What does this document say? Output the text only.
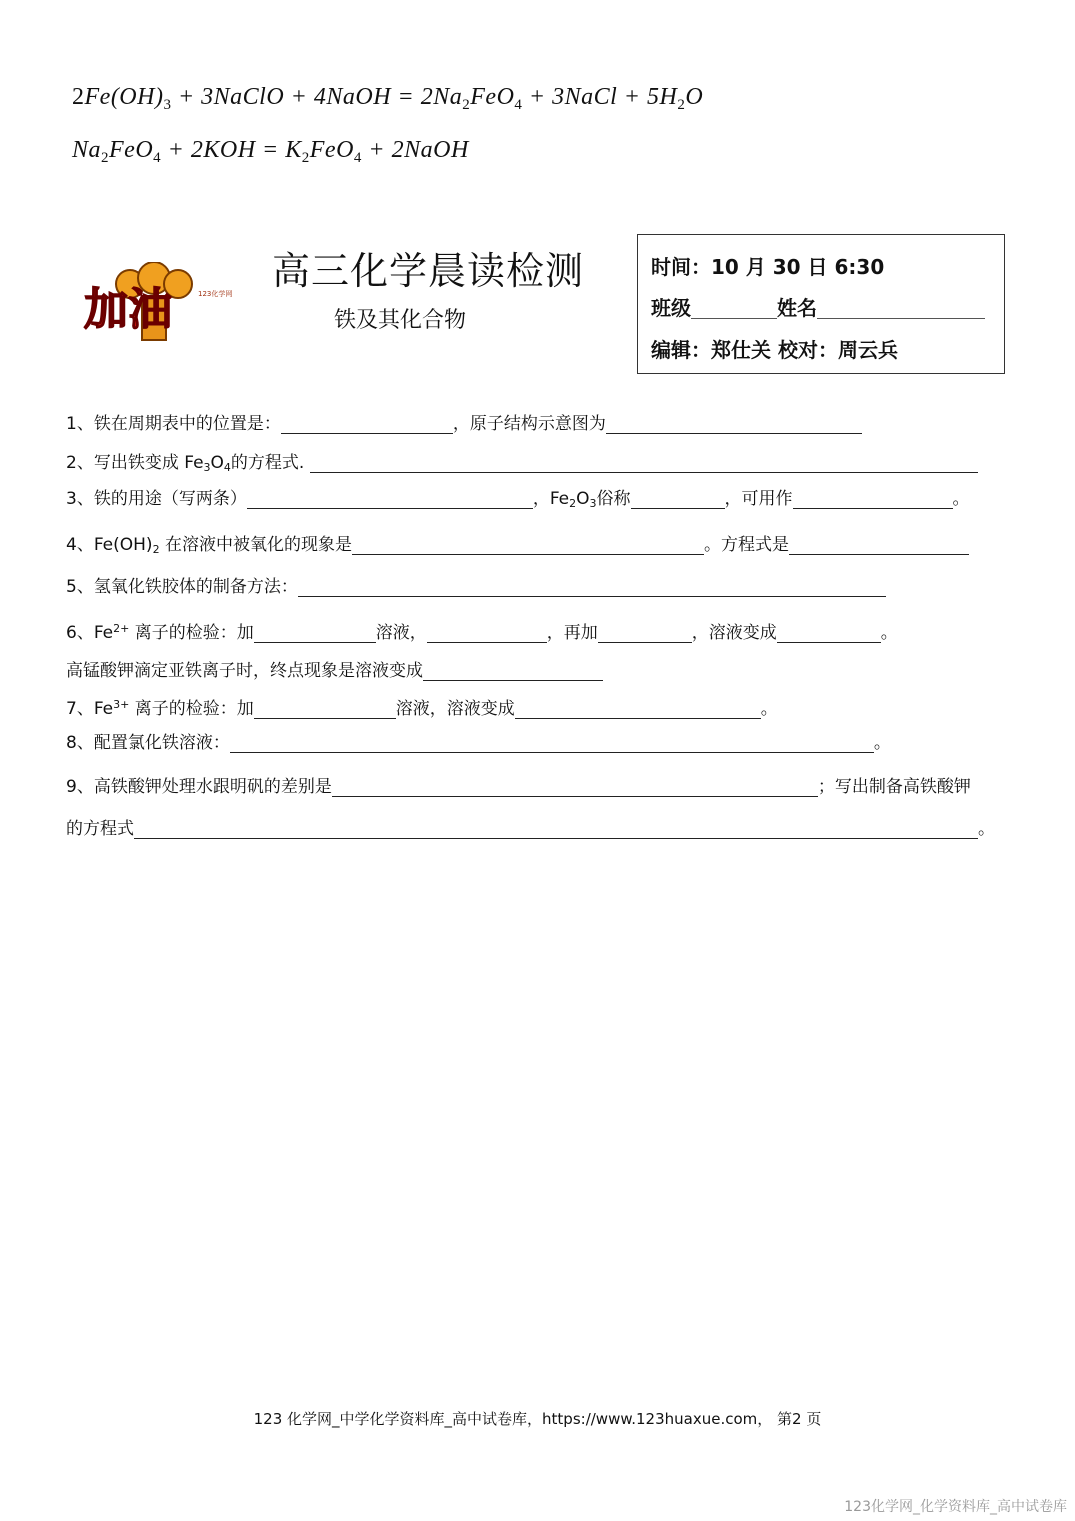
$2Fe(OH)_3$ + 3NaClO + 4NaOH = $2Na_2FeO_4$ + 3NaCl + $5H_2O$
$Na_2FeO_4 + 2KOH = K_2FeO_4$ + 2NaOH
加油	123化学网
高三化学晨读检测
铁及其化合物
时间：10 月 30 日 6:30
班级	姓名
编辑：郑仕关 校对：周云兵
1、铁在周期表中的位置是：	，原子结构示意图为
2、写出铁变成 $Fe_3O_4$的方程式.
3、铁的用途（写两条）	，$Fe_2O_3$俗称	，可用作	。
4、$Fe(OH)_2$ 在溶液中被氧化的现象是	。方程式是
5、氢氧化铁胶体的制备方法：
6、$Fe^{2+}$ 离子的检验：加	溶液，	，再加	，溶液变成	。
高锰酸钾滴定亚铁离子时，终点现象是溶液变成
7、$Fe^{3+}$ 离子的检验：加	溶液，溶液变成	。
8、配置氯化铁溶液：	。
9、高铁酸钾处理水跟明矾的差别是	；写出制备高铁酸钾
的方程式	。
123 化学网_中学化学资料库_高中试卷库，https://www.123huaxue.com， 第2 页
123化学网_化学资料库_高中试卷库
